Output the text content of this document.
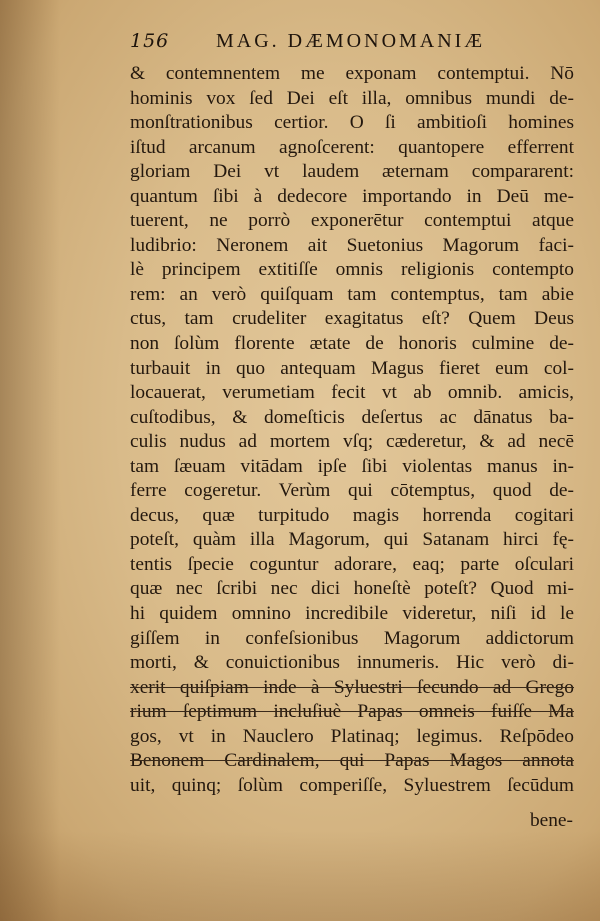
156 MAG. DÆMONOMANIÆ
& contemnentem me exponam contemptui. Nō
hominis vox ſed Dei eſt illa, omnibus mundi de-
monſtrationibus certior. O ſi ambitioſi homines
iſtud arcanum agnoſcerent: quantopere efferrent
gloriam Dei vt laudem æternam compararent:
quantum ſibi à dedecore importando in Deū me-
tuerent, ne porrò exponerētur contemptui atque
ludibrio: Neronem ait Suetonius Magorum faci-
lè principem extitiſſe omnis religionis contempto
rem: an verò quiſquam tam contemptus, tam abie
ctus, tam crudeliter exagitatus eſt? Quem Deus
non ſolùm florente ætate de honoris culmine de-
turbauit in quo antequam Magus fieret eum col-
locauerat, verumetiam fecit vt ab omnib. amicis,
cuſtodibus, & domeſticis deſertus ac dānatus ba-
culis nudus ad mortem vſq; cæderetur, & ad necē
tam ſæuam vitādam ipſe ſibi violentas manus in-
ferre cogeretur. Verùm qui cōtemptus, quod de-
decus, quæ turpitudo magis horrenda cogitari
poteſt, quàm illa Magorum, qui Satanam hirci fę-
tentis ſpecie coguntur adorare, eaq; parte oſculari
quæ nec ſcribi nec dici honeſtè poteſt? Quod mi-
hi quidem omnino incredibile videretur, niſi id le
giſſem in confeſsionibus Magorum addictorum
morti, & conuictionibus innumeris. Hic verò di-
xerit quiſpiam inde à Syluestri ſecundo ad Grego
rium ſeptimum incluſiuè Papas omneis fuiſſe Ma
gos, vt in Nauclero Platinaq; legimus. Reſpōdeo
Benonem Cardinalem, qui Papas Magos annota
uit, quinq; ſolùm comperiſſe, Syluestrem ſecūdum
bene-
